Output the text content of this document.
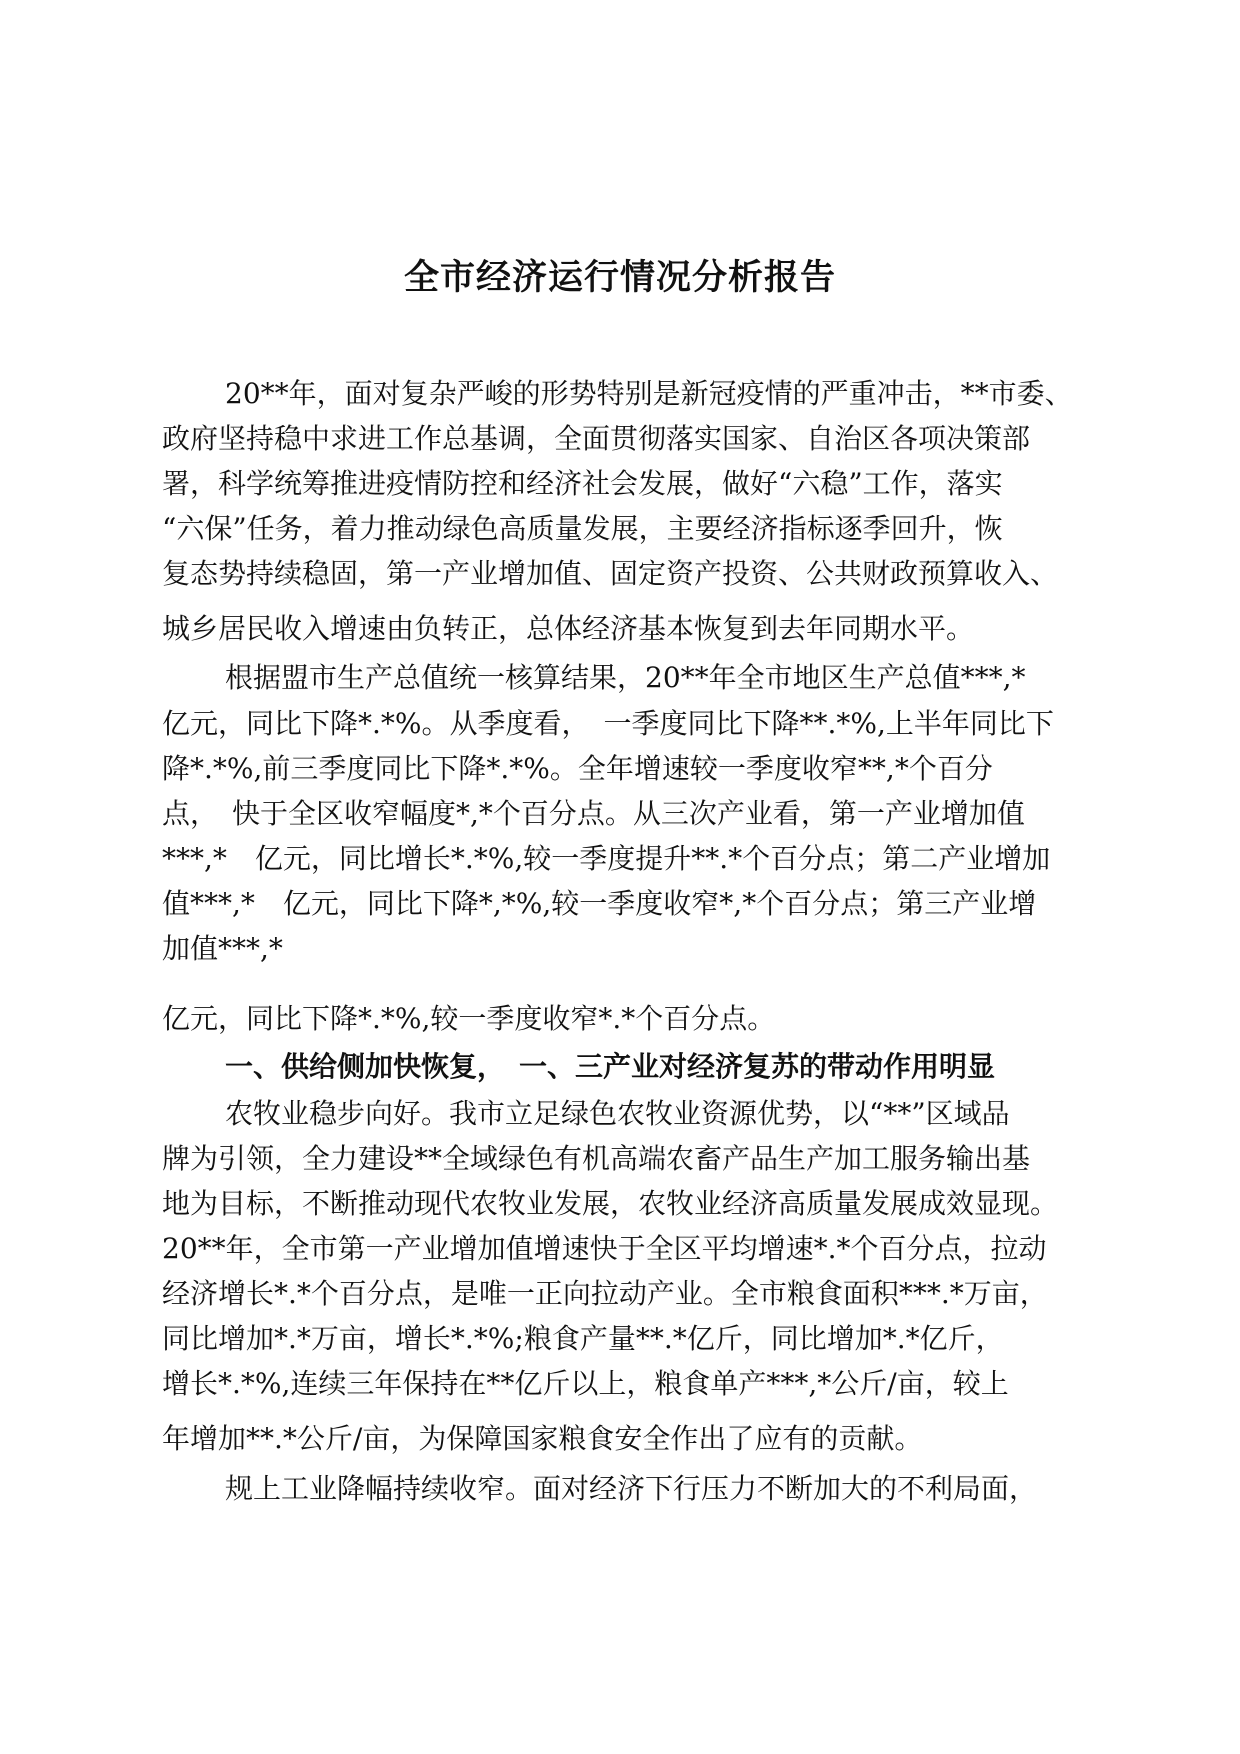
全市经济运行情况分析报告
20**年，面对复杂严峻的形势特别是新冠疫情的严重冲击，**市委、
政府坚持稳中求进工作总基调，全面贯彻落实国家、自治区各项决策部
署，科学统筹推进疫情防控和经济社会发展，做好“六稳”工作，落实
“六保”任务，着力推动绿色高质量发展，主要经济指标逐季回升，恢
复态势持续稳固，第一产业增加值、固定资产投资、公共财政预算收入、
城乡居民收入增速由负转正，总体经济基本恢复到去年同期水平。
根据盟市生产总值统一核算结果，20**年全市地区生产总值***,*
亿元，同比下降*.*%。从季度看，　一季度同比下降**.*%,上半年同比下
降*.*%,前三季度同比下降*.*%。全年增速较一季度收窄**,*个百分
点，　快于全区收窄幅度*,*个百分点。从三次产业看，第一产业增加值
***,*　亿元，同比增长*.*%,较一季度提升**.*个百分点；第二产业增加
值***,*　亿元，同比下降*,*%,较一季度收窄*,*个百分点；第三产业增
加值***,*
亿元，同比下降*.*%,较一季度收窄*.*个百分点。
一、供给侧加快恢复，　一、三产业对经济复苏的带动作用明显
农牧业稳步向好。我市立足绿色农牧业资源优势，以“**”区域品
牌为引领，全力建设**全域绿色有机高端农畜产品生产加工服务输出基
地为目标，不断推动现代农牧业发展，农牧业经济高质量发展成效显现。
20**年，全市第一产业增加值增速快于全区平均增速*.*个百分点，拉动
经济增长*.*个百分点，是唯一正向拉动产业。全市粮食面积***.*万亩，
同比增加*.*万亩，增长*.*%;粮食产量**.*亿斤，同比增加*.*亿斤，
增长*.*%,连续三年保持在**亿斤以上，粮食单产***,*公斤/亩，较上
年增加**.*公斤/亩，为保障国家粮食安全作出了应有的贡献。
规上工业降幅持续收窄。面对经济下行压力不断加大的不利局面，
